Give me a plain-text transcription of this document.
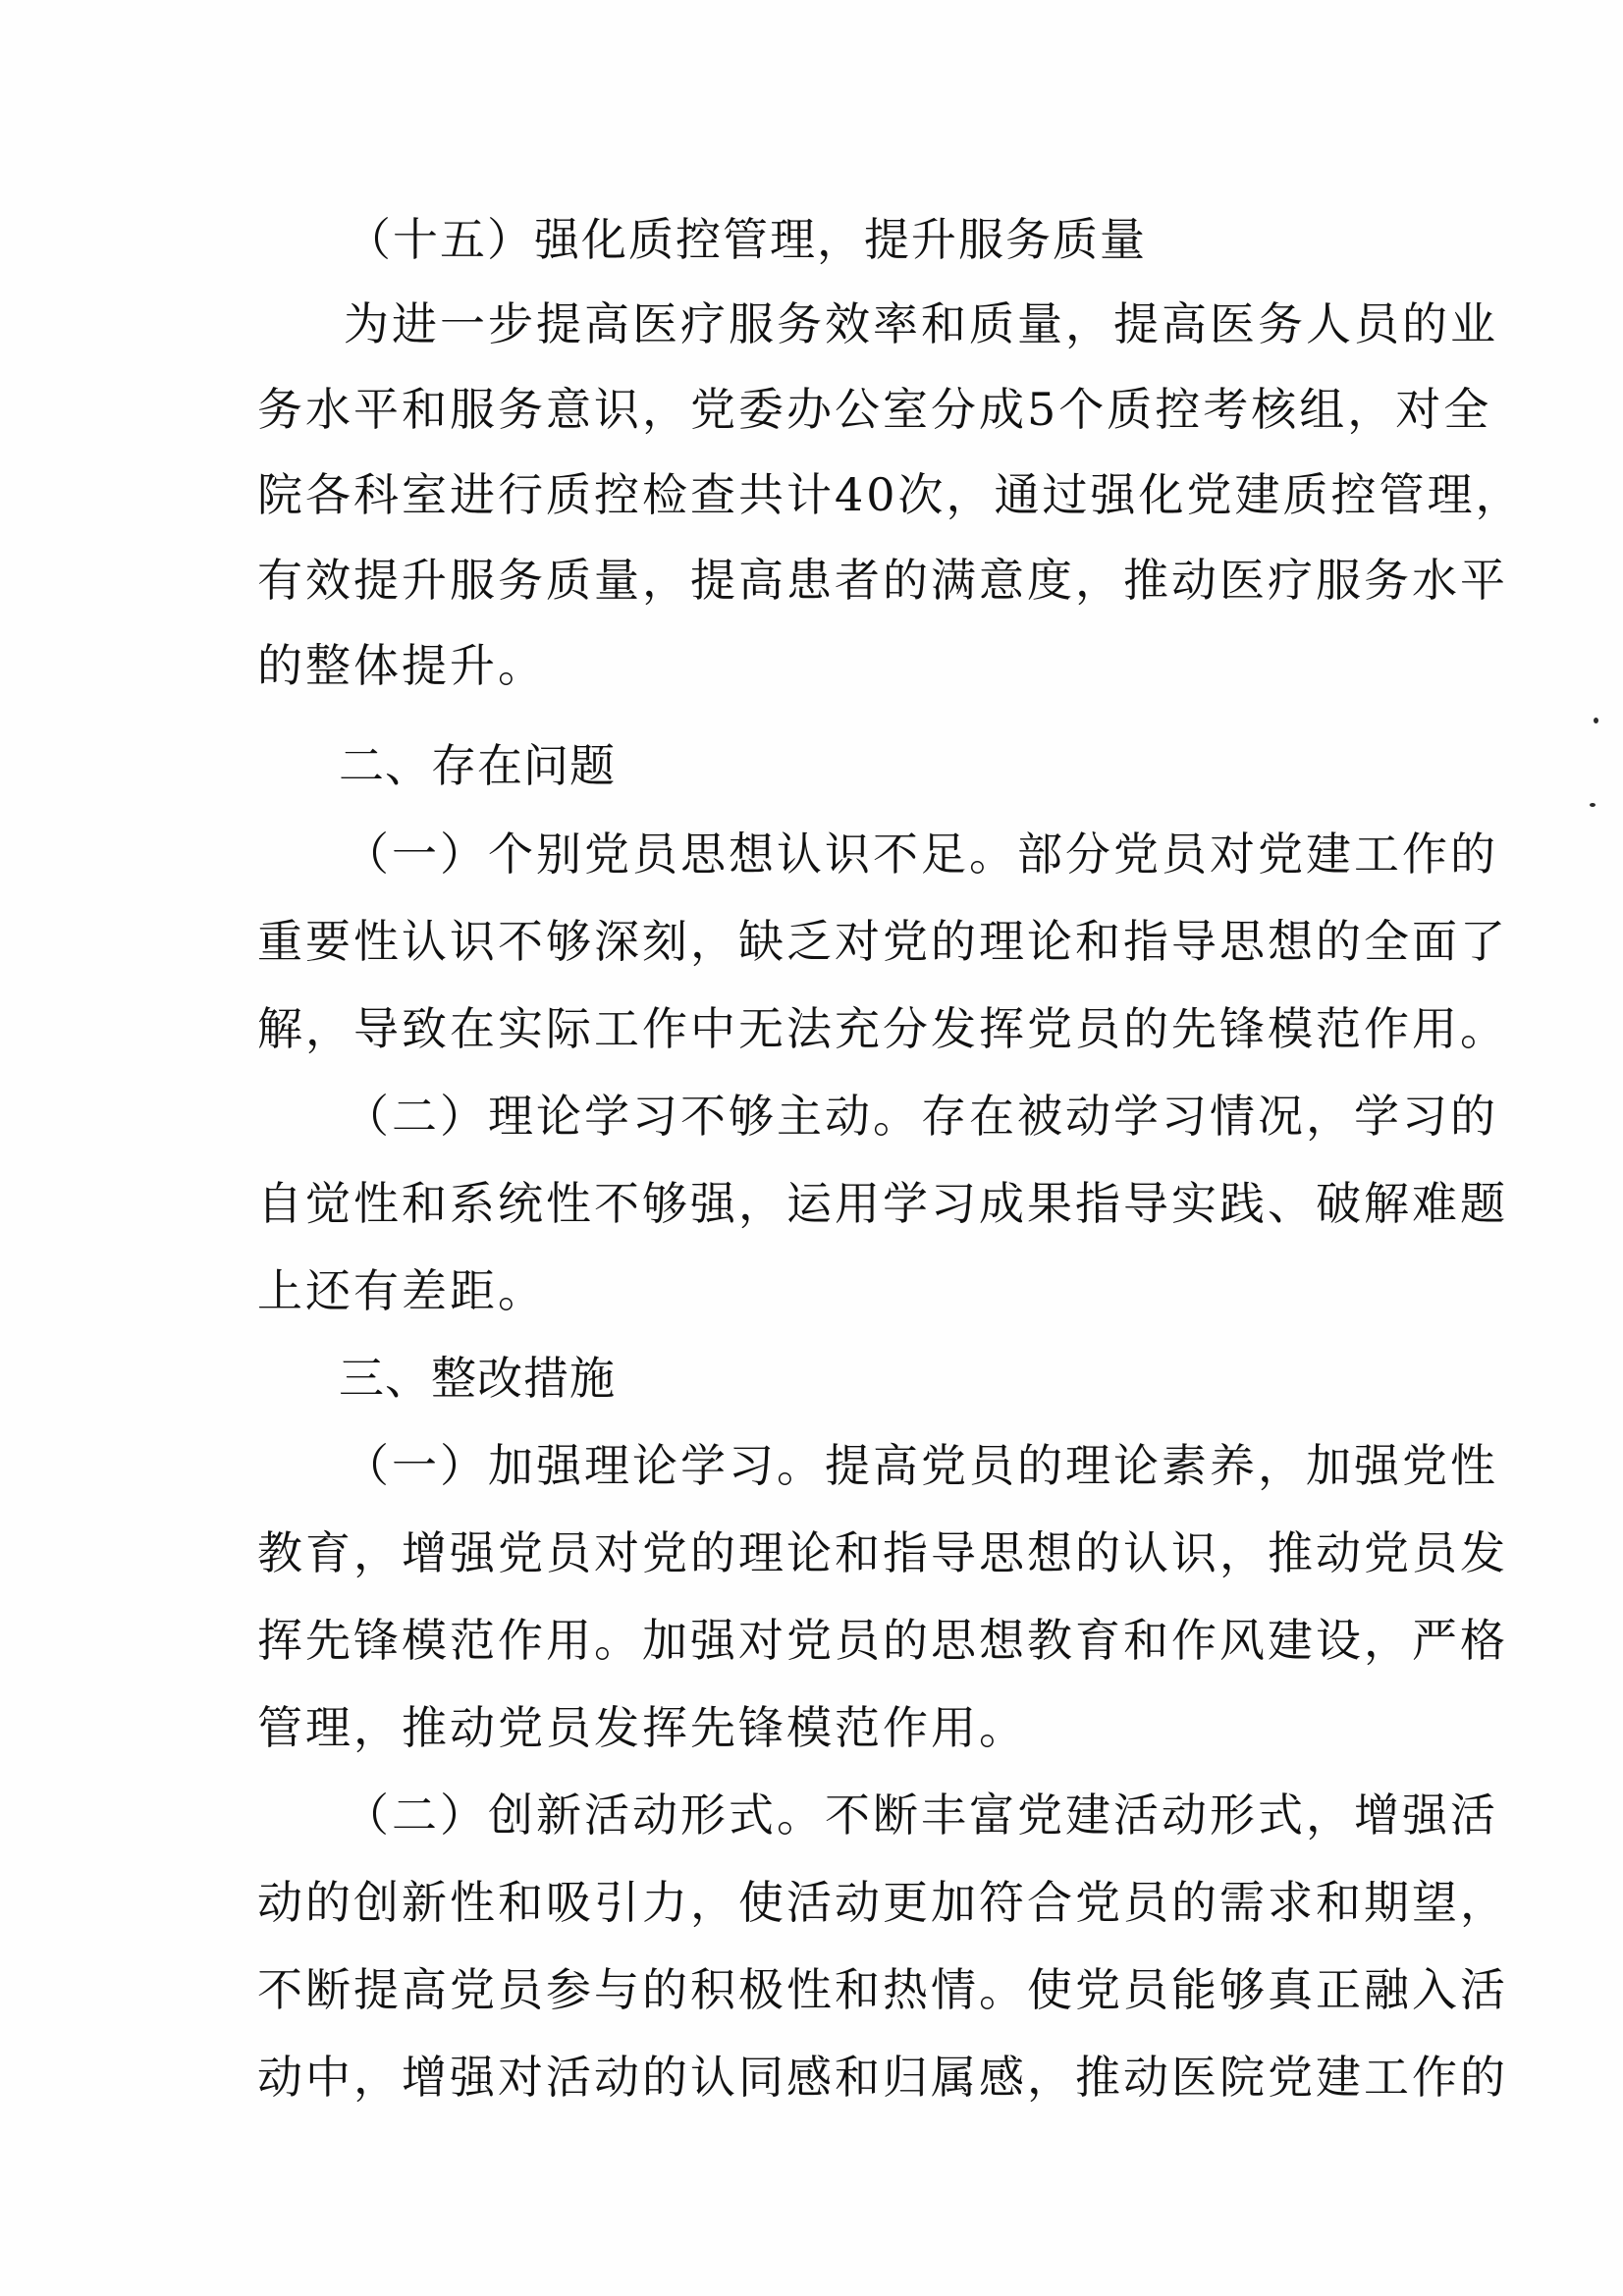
（十五）强化质控管理，提升服务质量

为进一步提高医疗服务效率和质量，提高医务人员的业

务水平和服务意识，党委办公室分成5个质控考核组，对全

院各科室进行质控检查共计40次，通过强化党建质控管理，

有效提升服务质量，提高患者的满意度，推动医疗服务水平

的整体提升。

二、存在问题

（一）个别党员思想认识不足。部分党员对党建工作的

重要性认识不够深刻，缺乏对党的理论和指导思想的全面了

解，导致在实际工作中无法充分发挥党员的先锋模范作用。

（二）理论学习不够主动。存在被动学习情况，学习的

自觉性和系统性不够强，运用学习成果指导实践、破解难题

上还有差距。

三、整改措施

（一）加强理论学习。提高党员的理论素养，加强党性

教育，增强党员对党的理论和指导思想的认识，推动党员发

挥先锋模范作用。加强对党员的思想教育和作风建设，严格

管理，推动党员发挥先锋模范作用。

（二）创新活动形式。不断丰富党建活动形式，增强活

动的创新性和吸引力，使活动更加符合党员的需求和期望，

不断提高党员参与的积极性和热情。使党员能够真正融入活

动中，增强对活动的认同感和归属感，推动医院党建工作的
